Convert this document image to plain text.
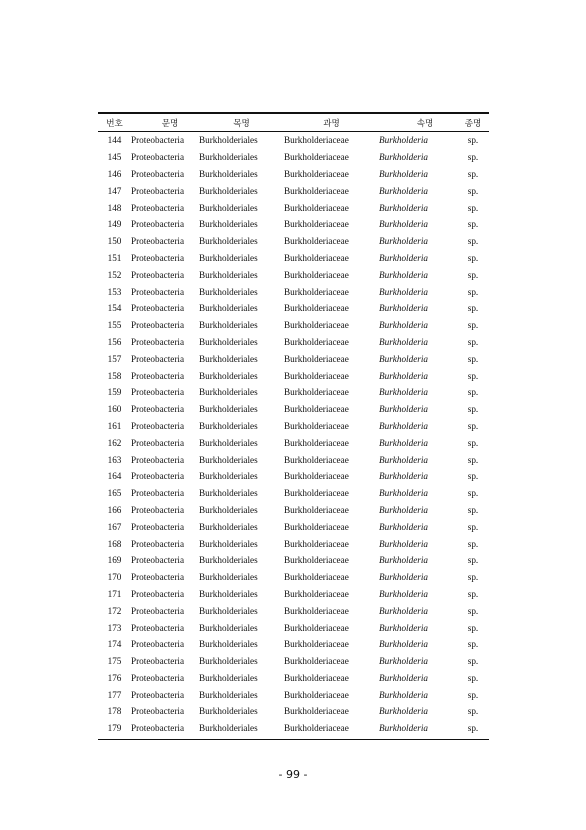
번호	문명	목명	과명	속명	종명
144	Proteobacteria	Burkholderiales	Burkholderiaceae	Burkholderia	sp.
145	Proteobacteria	Burkholderiales	Burkholderiaceae	Burkholderia	sp.
146	Proteobacteria	Burkholderiales	Burkholderiaceae	Burkholderia	sp.
147	Proteobacteria	Burkholderiales	Burkholderiaceae	Burkholderia	sp.
148	Proteobacteria	Burkholderiales	Burkholderiaceae	Burkholderia	sp.
149	Proteobacteria	Burkholderiales	Burkholderiaceae	Burkholderia	sp.
150	Proteobacteria	Burkholderiales	Burkholderiaceae	Burkholderia	sp.
151	Proteobacteria	Burkholderiales	Burkholderiaceae	Burkholderia	sp.
152	Proteobacteria	Burkholderiales	Burkholderiaceae	Burkholderia	sp.
153	Proteobacteria	Burkholderiales	Burkholderiaceae	Burkholderia	sp.
154	Proteobacteria	Burkholderiales	Burkholderiaceae	Burkholderia	sp.
155	Proteobacteria	Burkholderiales	Burkholderiaceae	Burkholderia	sp.
156	Proteobacteria	Burkholderiales	Burkholderiaceae	Burkholderia	sp.
157	Proteobacteria	Burkholderiales	Burkholderiaceae	Burkholderia	sp.
158	Proteobacteria	Burkholderiales	Burkholderiaceae	Burkholderia	sp.
159	Proteobacteria	Burkholderiales	Burkholderiaceae	Burkholderia	sp.
160	Proteobacteria	Burkholderiales	Burkholderiaceae	Burkholderia	sp.
161	Proteobacteria	Burkholderiales	Burkholderiaceae	Burkholderia	sp.
162	Proteobacteria	Burkholderiales	Burkholderiaceae	Burkholderia	sp.
163	Proteobacteria	Burkholderiales	Burkholderiaceae	Burkholderia	sp.
164	Proteobacteria	Burkholderiales	Burkholderiaceae	Burkholderia	sp.
165	Proteobacteria	Burkholderiales	Burkholderiaceae	Burkholderia	sp.
166	Proteobacteria	Burkholderiales	Burkholderiaceae	Burkholderia	sp.
167	Proteobacteria	Burkholderiales	Burkholderiaceae	Burkholderia	sp.
168	Proteobacteria	Burkholderiales	Burkholderiaceae	Burkholderia	sp.
169	Proteobacteria	Burkholderiales	Burkholderiaceae	Burkholderia	sp.
170	Proteobacteria	Burkholderiales	Burkholderiaceae	Burkholderia	sp.
171	Proteobacteria	Burkholderiales	Burkholderiaceae	Burkholderia	sp.
172	Proteobacteria	Burkholderiales	Burkholderiaceae	Burkholderia	sp.
173	Proteobacteria	Burkholderiales	Burkholderiaceae	Burkholderia	sp.
174	Proteobacteria	Burkholderiales	Burkholderiaceae	Burkholderia	sp.
175	Proteobacteria	Burkholderiales	Burkholderiaceae	Burkholderia	sp.
176	Proteobacteria	Burkholderiales	Burkholderiaceae	Burkholderia	sp.
177	Proteobacteria	Burkholderiales	Burkholderiaceae	Burkholderia	sp.
178	Proteobacteria	Burkholderiales	Burkholderiaceae	Burkholderia	sp.
179	Proteobacteria	Burkholderiales	Burkholderiaceae	Burkholderia	sp.
- 99 -
